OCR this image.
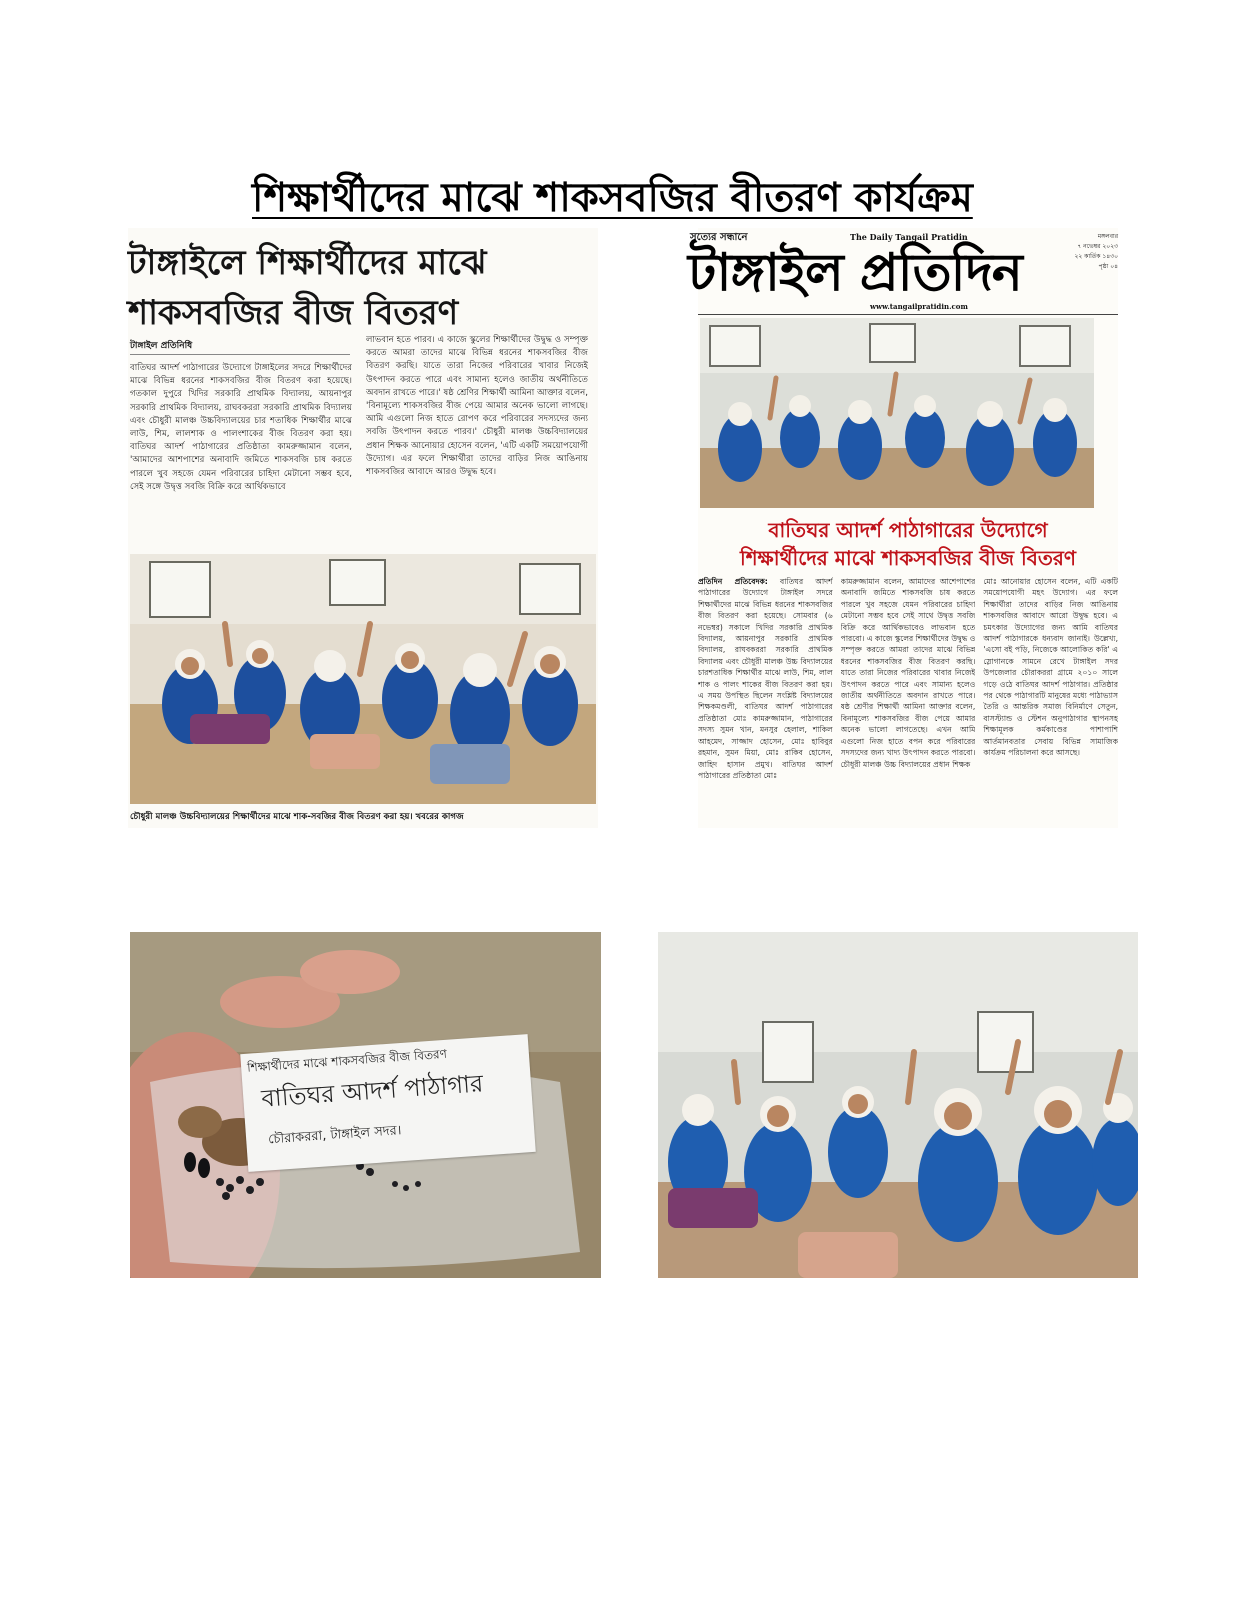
শিক্ষার্থীদের মাঝে শাকসবজির বীতরণ কার্যক্রম
টাঙ্গাইলে শিক্ষার্থীদের মাঝে
শাকসবজির বীজ বিতরণ
টাঙ্গাইল প্রতিনিধি
বাতিঘর আদর্শ পাঠাগারের উদ্যোগে টাঙ্গাইলের সদরে শিক্ষার্থীদের মাঝে বিভিন্ন ধরনের শাকসবজির বীজ বিতরণ করা হয়েছে। গতকাল দুপুরে খিদির সরকারি প্রাথমিক বিদ্যালয়, আয়নাপুর সরকারি প্রাথমিক বিদ্যালয়, রাঘবকররা সরকারি প্রাথমিক বিদ্যালয় এবং চৌধুরী মালঞ্চ উচ্চবিদ্যালয়ের চার শতাধিক শিক্ষার্থীর মাঝে লাউ, শিম, লালশাক ও পালংশাকের বীজ বিতরণ করা হয়। বাতিঘর আদর্শ পাঠাগারের প্রতিষ্ঠাতা কামরুজ্জামান বলেন, 'আমাদের আশপাশের অনাবাদি জমিতে শাকসবজি চাষ করতে পারলে খুব সহজে যেমন পরিবারের চাহিদা মেটানো সম্ভব হবে, সেই সঙ্গে উদ্বৃত্ত সবজি বিক্রি করে আর্থিকভাবে
লাভবান হতে পারব। এ কাজে স্কুলের শিক্ষার্থীদের উদ্বুদ্ধ ও সম্পৃক্ত করতে আমরা তাদের মাঝে বিভিন্ন ধরনের শাকসবজির বীজ বিতরণ করছি। যাতে তারা নিজের পরিবারের খাবার নিজেই উৎপাদন করতে পারে এবং সামান্য হলেও জাতীয় অর্থনীতিতে অবদান রাখতে পারে।' ষষ্ঠ শ্রেণির শিক্ষার্থী আমিনা আক্তার বলেন, 'বিনামূল্যে শাকসবজির বীজ পেয়ে আমার অনেক ভালো লাগছে। আমি এগুলো নিজ হাতে রোপণ করে পরিবারের সদস্যদের জন্য সবজি উৎপাদন করতে পারব।' চৌধুরী মালঞ্চ উচ্চবিদ্যালয়ের প্রধান শিক্ষক আনোয়ার হোসেন বলেন, 'এটি একটি সময়োপযোগী উদ্যোগ। এর ফলে শিক্ষার্থীরা তাদের বাড়ির নিজ আঙিনায় শাকসবজির আবাদে আরও উদ্বুদ্ধ হবে।
চৌধুরী মালঞ্চ উচ্চবিদ্যালয়ের শিক্ষার্থীদের মাঝে শাক-সবজির বীজ বিতরণ করা হয়। খবরের কাগজ
সত্যের সন্ধানে	The Daily Tangail Pratidin
টাঙ্গাইল প্রতিদিন
www.tangailpratidin.com
মঙ্গলবার
৭ নভেম্বর ২০২৩
২২ কার্তিক ১৪৩০
পৃষ্ঠা ০৪
বাতিঘর আদর্শ পাঠাগারের উদ্যোগে
শিক্ষার্থীদের মাঝে শাকসবজির বীজ বিতরণ
প্রতিদিন প্রতিবেদক: বাতিঘর আদর্শ পাঠাগারের উদ্যোগে টাঙ্গাইল সদরে শিক্ষার্থীদের মাঝে বিভিন্ন ধরনের শাকসবজির বীজ বিতরণ করা হয়েছে। সোমবার (৬ নভেম্বর) সকালে খিদির সরকারি প্রাথমিক বিদ্যালয়, আয়নাপুর সরকারি প্রাথমিক বিদ্যালয়, রাঘবকররা সরকারি প্রাথমিক বিদ্যালয় এবং চৌধুরী মালঞ্চ উচ্চ বিদ্যালয়ের চারশতাধিক শিক্ষার্থীর মাঝে লাউ, শিম, লাল শাক ও পালং শাকের বীজ বিতরণ করা হয়। এ সময় উপস্থিত ছিলেন সংশ্লিষ্ট বিদ্যালয়ের শিক্ষকমণ্ডলী, বাতিঘর আদর্শ পাঠাগারের প্রতিষ্ঠাতা মোঃ কামরুজ্জামান, পাঠাগারের সদস্য সুমন খান, মনসুর হেলাল, শাকিল আহমেদ, সাজ্জাদ হোসেন, মোঃ হাবিবুর রহমান, সুমন মিয়া, মোঃ রাকিব হোসেন, জাহিদ হাসান প্রমুখ। বাতিঘর আদর্শ পাঠাগারের প্রতিষ্ঠাতা মোঃ
কামরুজ্জামান বলেন, আমাদের আশেপাশের অনাবাদি জমিতে শাকসবজি চাষ করতে পারলে খুব সহজে যেমন পরিবারের চাহিদা মেটানো সম্ভব হবে সেই সাথে উদ্বৃত্ত সবজি বিক্রি করে আর্থিকভাবেও লাভবান হতে পারবো। এ কাজে স্কুলের শিক্ষার্থীদের উদ্বুদ্ধ ও সম্পৃক্ত করতে আমরা তাদের মাঝে বিভিন্ন ধরনের শাকসবজির বীজ বিতরণ করছি। যাতে তারা নিজের পরিবারের খাবার নিজেই উৎপাদন করতে পারে এবং সামান্য হলেও জাতীয় অর্থনীতিতে অবদান রাখতে পারে। ষষ্ঠ শ্রেণীর শিক্ষার্থী আমিনা আক্তার বলেন, বিনামূল্যে শাকসবজির বীজ পেয়ে আমার অনেক ভালো লাগতেছে। এখন আমি এগুলো নিজ হাতে বপন করে পরিবারের সদস্যদের জন্য খাদ্য উৎপাদন করতে পারবো। চৌধুরী মালঞ্চ উচ্চ বিদ্যালয়ের প্রধান শিক্ষক
মোঃ আনোয়ার হোসেন বলেন, এটি একটি সময়োপযোগী মহৎ উদ্যোগ। এর ফলে শিক্ষার্থীরা তাদের বাড়ির নিজ আঙিনায় শাকসবজির আবাদে আরো উদ্বুদ্ধ হবে। এ চমৎকার উদ্যোগের জন্য আমি বাতিঘর আদর্শ পাঠাগারকে ধন্যবাদ জানাই। উল্লেখ্য, 'এসো বই পড়ি, নিজেকে আলোকিত করি' এ স্লোগানকে সামনে রেখে টাঙ্গাইল সদর উপজেলার চৌরাকররা গ্রামে ২০১০ সালে গড়ে ওঠে বাতিঘর আদর্শ পাঠাগার। প্রতিষ্ঠার পর থেকে পাঠাগারটি মানুষের মধ্যে পাঠাভ্যাস তৈরি ও আন্তরিক সমাজ বিনির্মাণে সেতুন, বাসস্ট্যান্ড ও স্টেশন অনুপাঠাগার স্থাপনসহ শিক্ষামূলক কর্মকাণ্ডের পাশাপাশি আর্তমানবতার সেবায় বিভিন্ন সামাজিক কার্যক্রম পরিচালনা করে আসছে।
শিক্ষার্থীদের মাঝে শাকসবজির বীজ বিতরণ
বাতিঘর আদর্শ পাঠাগার
চৌরাকররা, টাঙ্গাইল সদর।
